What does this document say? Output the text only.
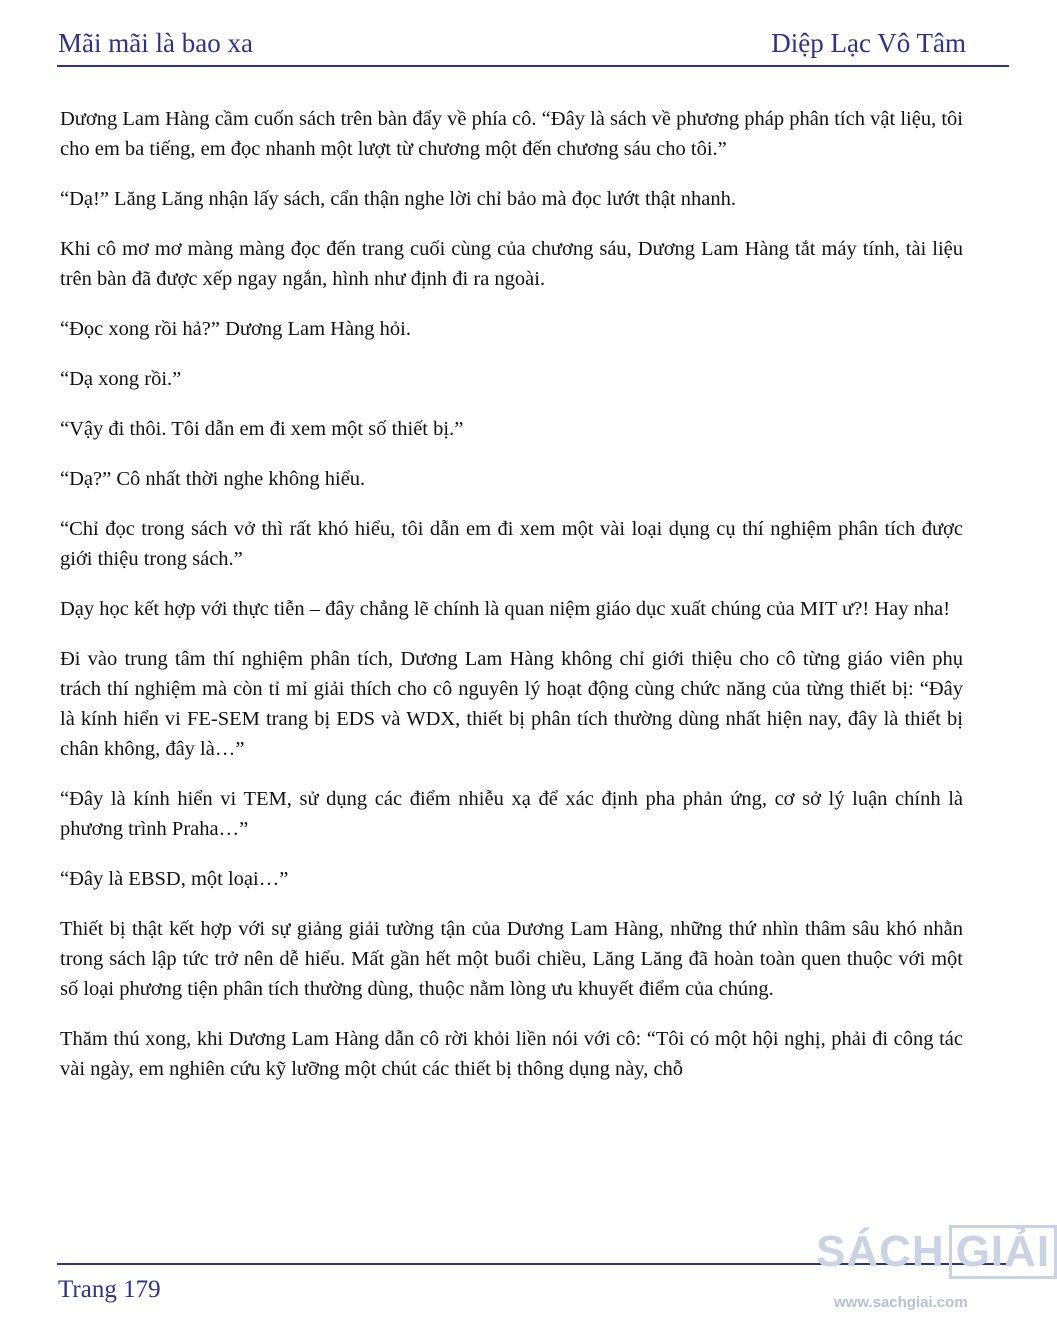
Mãi mãi là bao xa	Diệp Lạc Vô Tâm

Dương Lam Hàng cầm cuốn sách trên bàn đẩy về phía cô. “Đây là sách về phương pháp phân tích vật liệu, tôi cho em ba tiếng, em đọc nhanh một lượt từ chương một đến chương sáu cho tôi.”

“Dạ!” Lăng Lăng nhận lấy sách, cẩn thận nghe lời chỉ bảo mà đọc lướt thật nhanh.

Khi cô mơ mơ màng màng đọc đến trang cuối cùng của chương sáu, Dương Lam Hàng tắt máy tính, tài liệu trên bàn đã được xếp ngay ngắn, hình như định đi ra ngoài.

“Đọc xong rồi hả?” Dương Lam Hàng hỏi.

“Dạ xong rồi.”

“Vậy đi thôi. Tôi dẫn em đi xem một số thiết bị.”

“Dạ?” Cô nhất thời nghe không hiểu.

“Chỉ đọc trong sách vở thì rất khó hiểu, tôi dẫn em đi xem một vài loại dụng cụ thí nghiệm phân tích được giới thiệu trong sách.”

Dạy học kết hợp với thực tiễn – đây chẳng lẽ chính là quan niệm giáo dục xuất chúng của MIT ư?! Hay nha!

Đi vào trung tâm thí nghiệm phân tích, Dương Lam Hàng không chỉ giới thiệu cho cô từng giáo viên phụ trách thí nghiệm mà còn tỉ mỉ giải thích cho cô nguyên lý hoạt động cùng chức năng của từng thiết bị: “Đây là kính hiển vi FE-SEM trang bị EDS và WDX, thiết bị phân tích thường dùng nhất hiện nay, đây là thiết bị chân không, đây là…”

“Đây là kính hiển vi TEM, sử dụng các điểm nhiễu xạ để xác định pha phản ứng, cơ sở lý luận chính là phương trình Praha…”

“Đây là EBSD, một loại…”

Thiết bị thật kết hợp với sự giảng giải tường tận của Dương Lam Hàng, những thứ nhìn thâm sâu khó nhằn trong sách lập tức trở nên dễ hiểu. Mất gần hết một buổi chiều, Lăng Lăng đã hoàn toàn quen thuộc với một số loại phương tiện phân tích thường dùng, thuộc nằm lòng ưu khuyết điểm của chúng.

Thăm thú xong, khi Dương Lam Hàng dẫn cô rời khỏi liền nói với cô: “Tôi có một hội nghị, phải đi công tác vài ngày, em nghiên cứu kỹ lưỡng một chút các thiết bị thông dụng này, chỗ

Trang 179
SÁCH GIẢI
www.sachgiai.com
